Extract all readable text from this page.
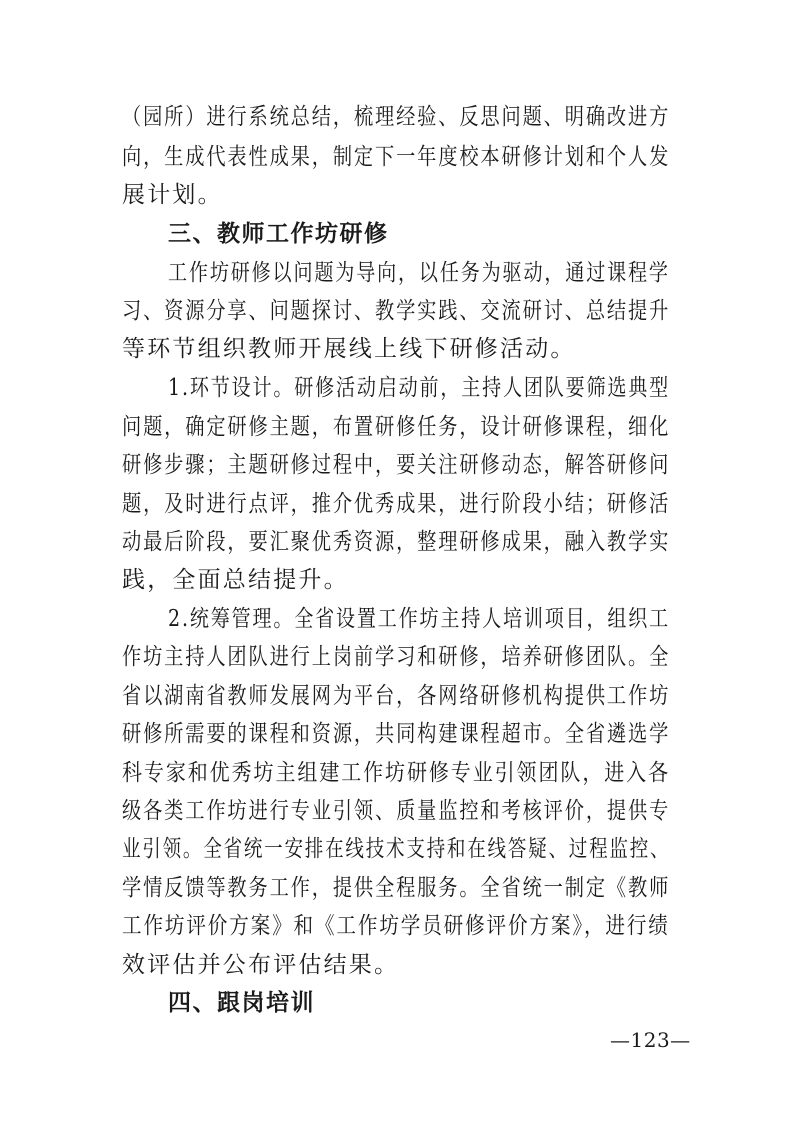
（园所）进行系统总结，梳理经验、反思问题、明确改进方
向，生成代表性成果，制定下一年度校本研修计划和个人发
展计划。
三、教师工作坊研修
工作坊研修以问题为导向，以任务为驱动，通过课程学
习、资源分享、问题探讨、教学实践、交流研讨、总结提升
等环节组织教师开展线上线下研修活动。
1.环节设计。研修活动启动前，主持人团队要筛选典型
问题，确定研修主题，布置研修任务，设计研修课程，细化
研修步骤；主题研修过程中，要关注研修动态，解答研修问
题，及时进行点评，推介优秀成果，进行阶段小结；研修活
动最后阶段，要汇聚优秀资源，整理研修成果，融入教学实
践，全面总结提升。
2.统筹管理。全省设置工作坊主持人培训项目，组织工
作坊主持人团队进行上岗前学习和研修，培养研修团队。全
省以湖南省教师发展网为平台，各网络研修机构提供工作坊
研修所需要的课程和资源，共同构建课程超市。全省遴选学
科专家和优秀坊主组建工作坊研修专业引领团队，进入各
级各类工作坊进行专业引领、质量监控和考核评价，提供专
业引领。全省统一安排在线技术支持和在线答疑、过程监控、
学情反馈等教务工作，提供全程服务。全省统一制定《教师
工作坊评价方案》和《工作坊学员研修评价方案》，进行绩
效评估并公布评估结果。
四、跟岗培训
—123—
